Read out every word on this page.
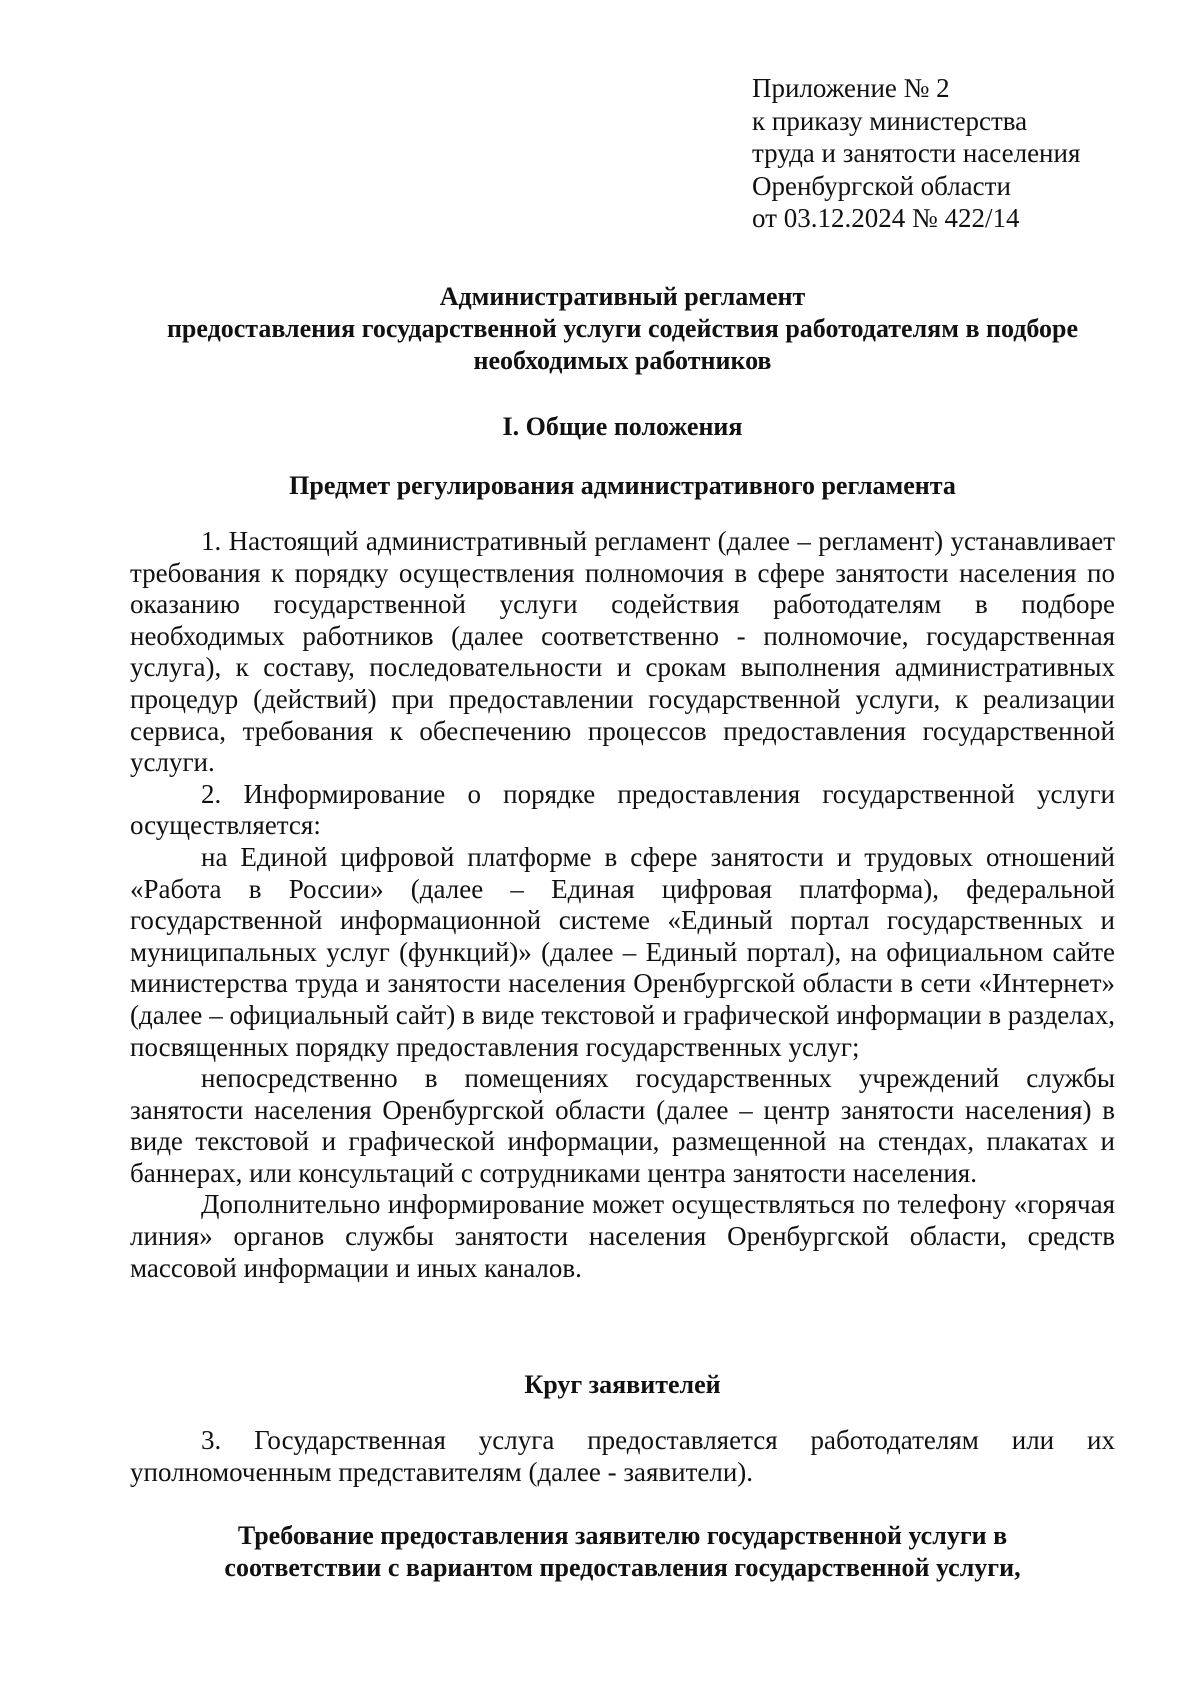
Приложение № 2
к приказу министерства
труда и занятости населения
Оренбургской области
от 03.12.2024 № 422/14
Административный регламент
предоставления государственной услуги содействия работодателям в подборе
необходимых работников
I. Общие положения
Предмет регулирования административного регламента

1. Настоящий административный регламент (далее – регламент) устанавливает требования к порядку осуществления полномочия в сфере занятости населения по оказанию государственной услуги содействия работодателям в подборе необходимых работников (далее соответственно - полномочие, государственная услуга), к составу, последовательности и срокам выполнения административных процедур (действий) при предоставлении государственной услуги, к реализации сервиса, требования к обеспечению процессов предоставления государственной услуги.

2. Информирование о порядке предоставления государственной услуги осуществляется:

на Единой цифровой платформе в сфере занятости и трудовых отношений «Работа в России» (далее – Единая цифровая платформа), федеральной государственной информационной системе «Единый портал государственных и муниципальных услуг (функций)» (далее – Единый портал), на официальном сайте министерства труда и занятости населения Оренбургской области в сети «Интернет» (далее – официальный сайт) в виде текстовой и графической информации в разделах, посвященных порядку предоставления государственных услуг;

непосредственно в помещениях государственных учреждений службы занятости населения Оренбургской области (далее – центр занятости населения) в виде текстовой и графической информации, размещенной на стендах, плакатах и баннерах, или консультаций с сотрудниками центра занятости населения.

Дополнительно информирование может осуществляться по телефону «горячая линия» органов службы занятости населения Оренбургской области, средств массовой информации и иных каналов.

Круг заявителей

3. Государственная услуга предоставляется работодателям или их уполномоченным представителям (далее - заявители).

Требование предоставления заявителю государственной услуги в
соответствии с вариантом предоставления государственной услуги,
